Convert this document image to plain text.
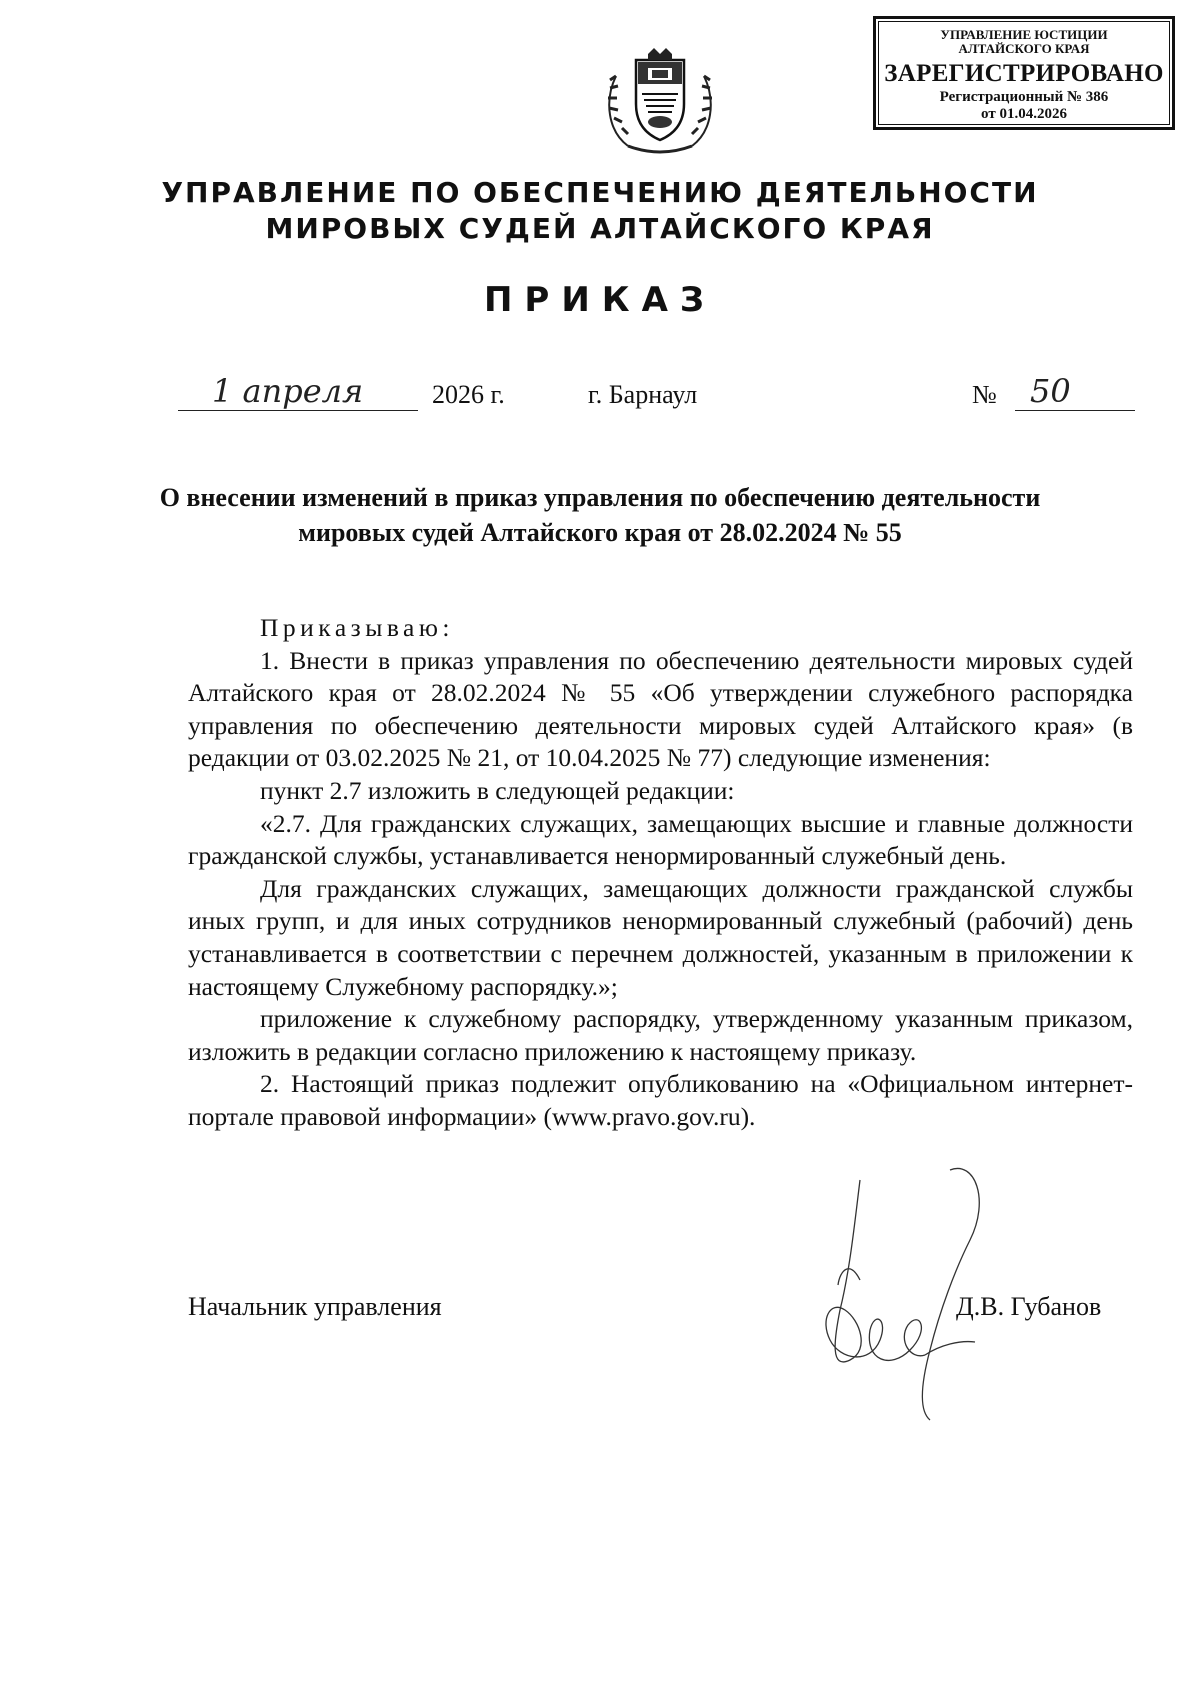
УПРАВЛЕНИЕ ЮСТИЦИИ
АЛТАЙСКОГО КРАЯ
ЗАРЕГИСТРИРОВАНО
Регистрационный № 386
от 01.04.2026
УПРАВЛЕНИЕ ПО ОБЕСПЕЧЕНИЮ ДЕЯТЕЛЬНОСТИ
МИРОВЫХ СУДЕЙ АЛТАЙСКОГО КРАЯ
ПРИКАЗ
1 апреля	2026 г.	г. Барнаул	№ 50
О внесении изменений в приказ управления по обеспечению деятельности мировых судей Алтайского края от 28.02.2024 № 55

Приказываю:

1. Внести в приказ управления по обеспечению деятельности мировых судей Алтайского края от 28.02.2024 № 55 «Об утверждении служебного распорядка управления по обеспечению деятельности мировых судей Алтайского края» (в редакции от 03.02.2025 № 21, от 10.04.2025 № 77) следующие изменения:

пункт 2.7 изложить в следующей редакции:

«2.7. Для гражданских служащих, замещающих высшие и главные должности гражданской службы, устанавливается ненормированный служебный день.

Для гражданских служащих, замещающих должности гражданской службы иных групп, и для иных сотрудников ненормированный служебный (рабочий) день устанавливается в соответствии с перечнем должностей, указанным в приложении к настоящему Служебному распорядку.»;

приложение к служебному распорядку, утвержденному указанным приказом, изложить в редакции согласно приложению к настоящему приказу.

2. Настоящий приказ подлежит опубликованию на «Официальном интернет-портале правовой информации» (www.pravo.gov.ru).

Начальник управления	Д.В. Губанов
